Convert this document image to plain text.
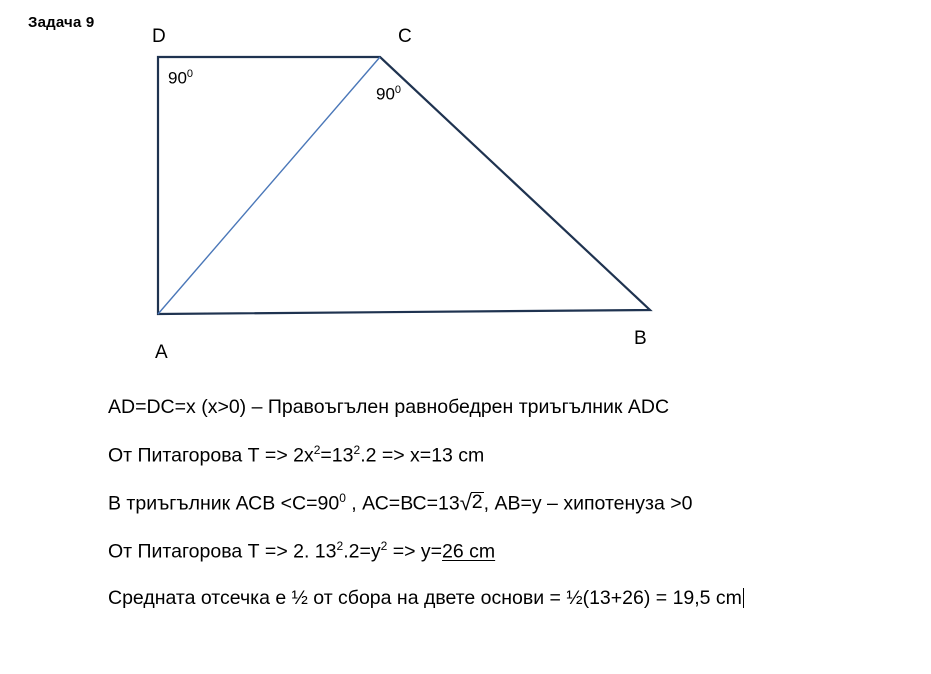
Задача 9
D	C
A
B
$90^0$
$90^0$
AD=DC=x (x>0) – Правоъгълен равнобедрен триъгълник ADC
От Питагорова $Т => 2x^2=13^2.2 => x=13$ cm
В триъгълник АСВ $<С=90^0$ , АС=ВС=13√2, АВ=y – хипотенуза >0
От Питагорова Т => 2. $13^2.2=y^2 => y=26$ cm
Средната отсечка е ½ от сбора на двете основи = ½(13+26) = 19,5 cm
